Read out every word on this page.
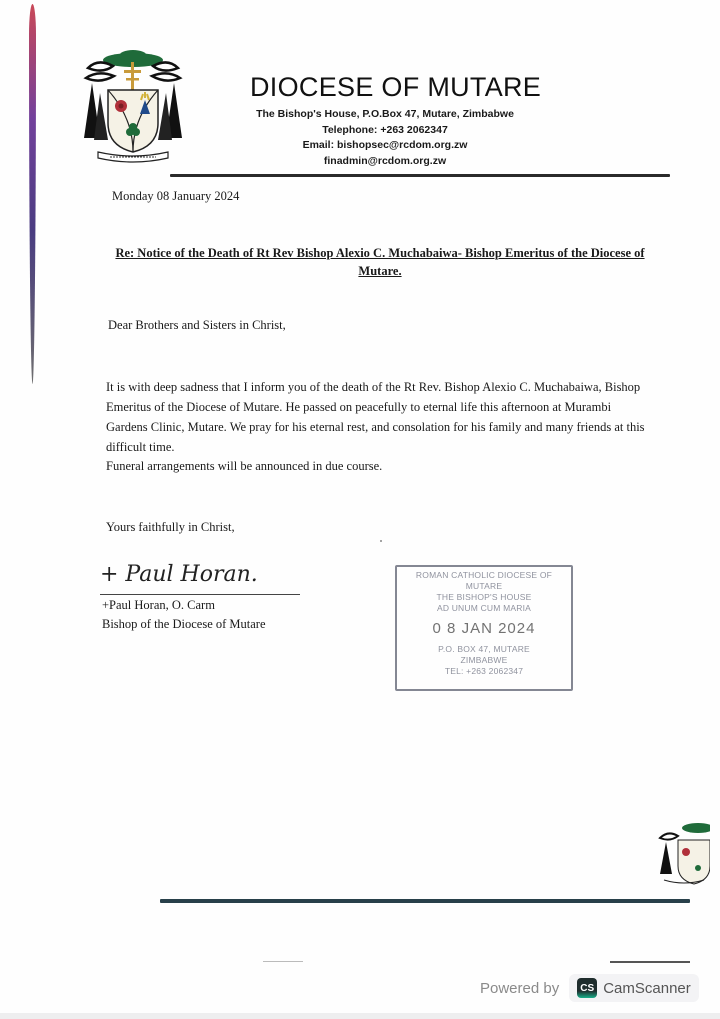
DIOCESE OF MUTARE
The Bishop's House, P.O.Box 47, Mutare, Zimbabwe
Telephone: +263 2062347
Email: bishopsec@rcdom.org.zw
finadmin@rcdom.org.zw
Monday 08 January 2024
Re: Notice of the Death of Rt Rev Bishop Alexio C. Muchabaiwa- Bishop Emeritus of the Diocese of Mutare.
Dear Brothers and Sisters in Christ,
It is with deep sadness that I inform you of the death of the Rt Rev. Bishop Alexio C. Muchabaiwa, Bishop Emeritus of the Diocese of Mutare. He passed on peacefully to eternal life this afternoon at Murambi Gardens Clinic, Mutare. We pray for his eternal rest, and consolation for his family and many friends at this difficult time.
Funeral arrangements will be announced in due course.
Yours faithfully in Christ,
+ Paul Horan.
+Paul Horan, O. Carm
Bishop of the Diocese of Mutare
ROMAN CATHOLIC DIOCESE OF MUTARE
THE BISHOP'S HOUSE
AD UNUM CUM MARIA
0 8 JAN 2024
P.O. BOX 47, MUTARE
ZIMBABWE
TEL: +263 2062347
Powered by	CS CamScanner
